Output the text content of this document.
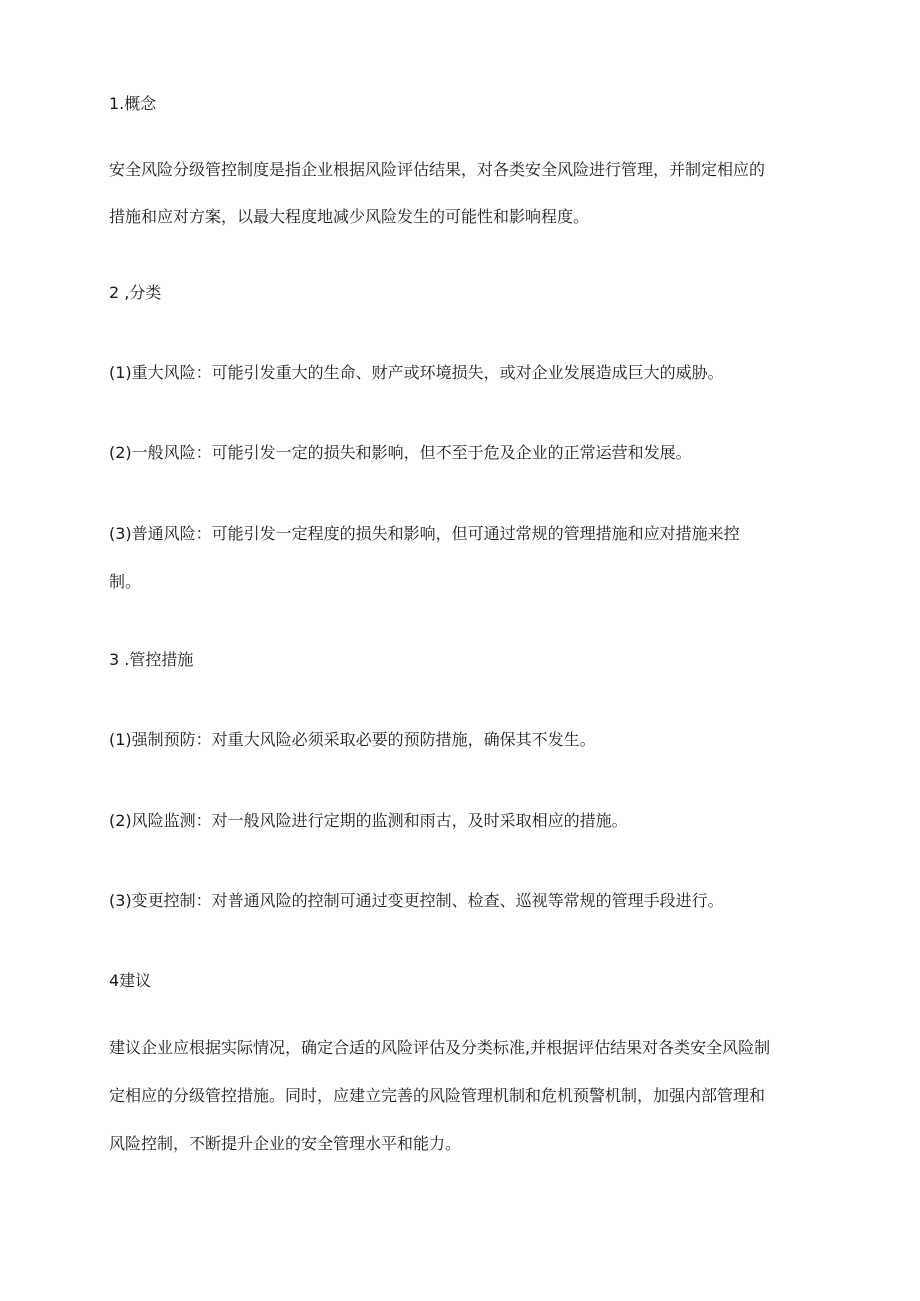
1.概念
安全风险分级管控制度是指企业根据风险评估结果，对各类安全风险进行管理，并制定相应的
措施和应对方案，以最大程度地减少风险发生的可能性和影响程度。
2 ,分类
(1)重大风险：可能引发重大的生命、财产或环境损失，或对企业发展造成巨大的威胁。
(2)一般风险：可能引发一定的损失和影响，但不至于危及企业的正常运营和发展。
(3)普通风险：可能引发一定程度的损失和影响，但可通过常规的管理措施和应对措施来控
制。
3 .管控措施
(1)强制预防：对重大风险必须采取必要的预防措施，确保其不发生。
(2)风险监测：对一般风险进行定期的监测和雨古，及时采取相应的措施。
(3)变更控制：对普通风险的控制可通过变更控制、检查、巡视等常规的管理手段进行。
4建议
建议企业应根据实际情况，确定合适的风险评估及分类标准,并根据评估结果对各类安全风险制
定相应的分级管控措施。同时，应建立完善的风险管理机制和危机预警机制，加强内部管理和
风险控制，不断提升企业的安全管理水平和能力。
